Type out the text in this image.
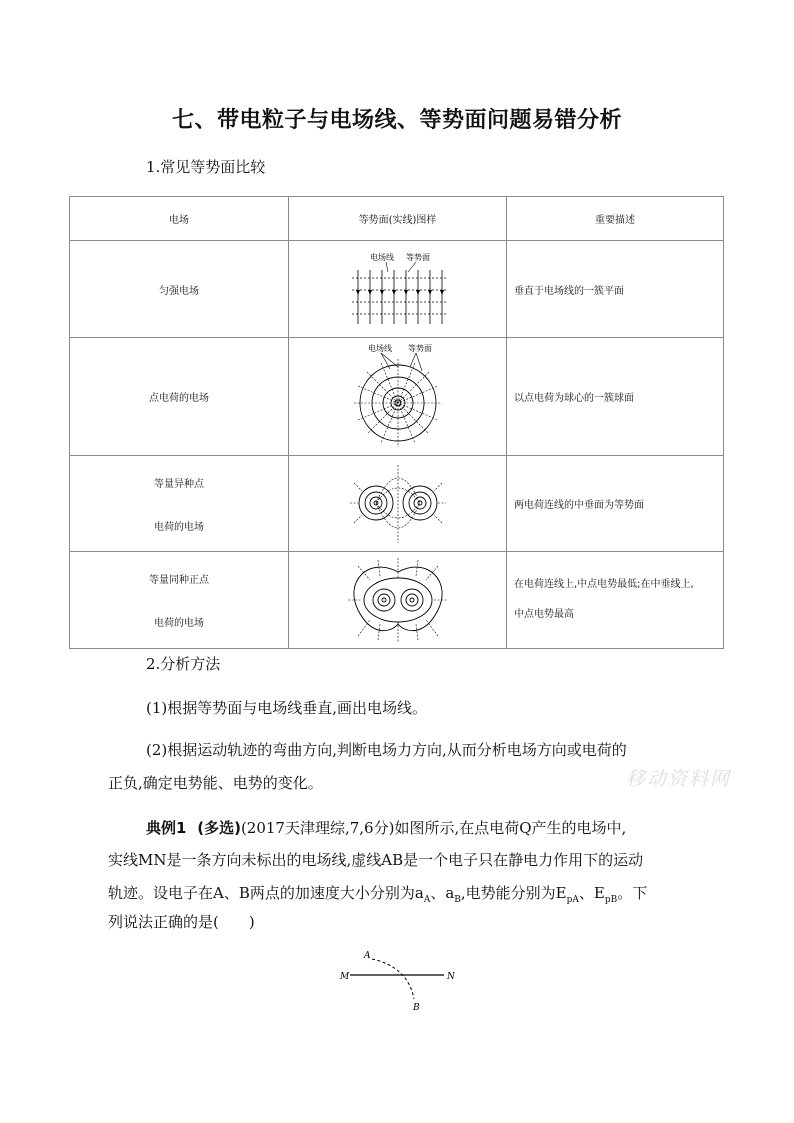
七、带电粒子与电场线、等势面问题易错分析
1.常见等势面比较
电场	等势面(实线)图样	重要描述
匀强电场	电场线 等势面	垂直于电场线的一簇平面
点电荷的电场	电场线 等势面	以点电荷为球心的一簇球面

等量异种点
电荷的电场		两电荷连线的中垂面为等势面

等量同种正点
电荷的电场		在电荷连线上,中点电势最低;在中垂线上,
中点电势最高
2.分析方法
(1)根据等势面与电场线垂直,画出电场线。
(2)根据运动轨迹的弯曲方向,判断电场力方向,从而分析电场方向或电荷的
正负,确定电势能、电势的变化。	移动资料网
典例1 (多选)(2017天津理综,7,6分)如图所示,在点电荷Q产生的电场中,
实线MN是一条方向未标出的电场线,虚线AB是一个电子只在静电力作用下的运动
轨迹。设电子在A、B两点的加速度大小分别为$a_A$、$a_B$,电势能分别为$E_{pA}$、$E_{pB}$。下
列说法正确的是(　　)
M	N
A
B
